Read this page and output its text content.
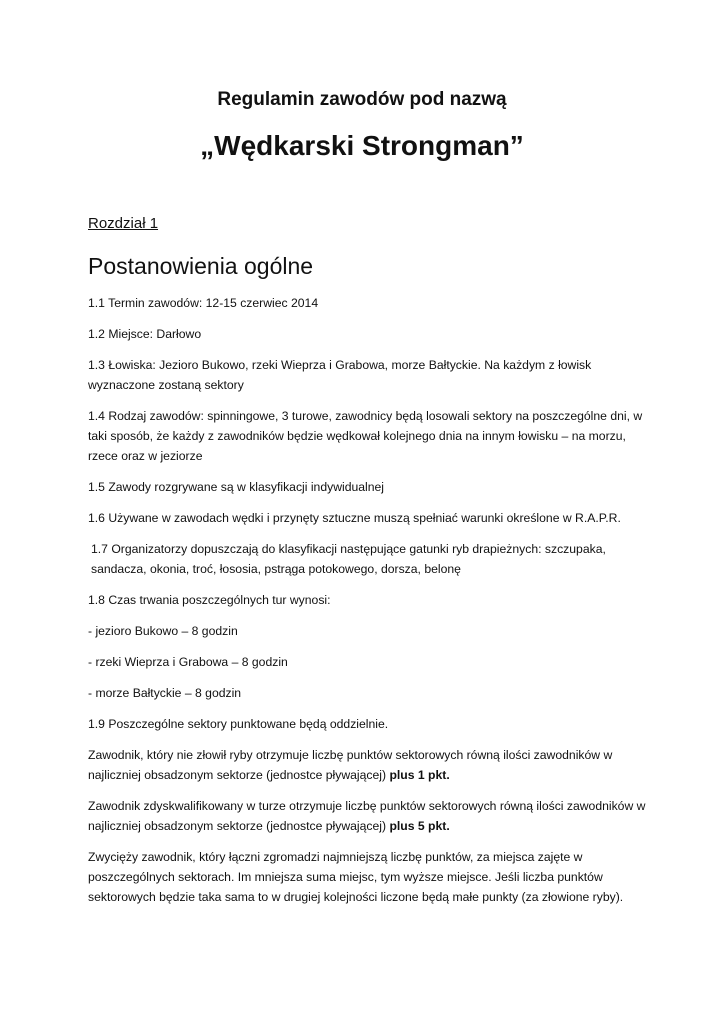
Regulamin zawodów pod nazwą
„Wędkarski Strongman”
Rozdział 1
Postanowienia ogólne

1.1 Termin zawodów: 12-15 czerwiec 2014

1.2 Miejsce: Darłowo

1.3 Łowiska: Jezioro Bukowo, rzeki Wieprza i Grabowa, morze Bałtyckie. Na każdym z łowisk wyznaczone zostaną sektory

1.4 Rodzaj zawodów: spinningowe, 3 turowe, zawodnicy będą losowali sektory na poszczególne dni, w taki sposób, że każdy z zawodników będzie wędkował kolejnego dnia na innym łowisku – na morzu, rzece oraz w jeziorze

1.5 Zawody rozgrywane są w klasyfikacji indywidualnej

1.6 Używane w zawodach wędki i przynęty sztuczne muszą spełniać warunki określone w R.A.P.R.

1.7 Organizatorzy dopuszczają do klasyfikacji następujące gatunki ryb drapieżnych: szczupaka, sandacza, okonia, troć, łososia, pstrąga potokowego, dorsza, belonę

1.8 Czas trwania poszczególnych tur wynosi:

- jezioro Bukowo – 8 godzin

- rzeki Wieprza i Grabowa – 8 godzin

- morze Bałtyckie – 8 godzin

1.9 Poszczególne sektory punktowane będą oddzielnie.

Zawodnik, który nie złowił ryby otrzymuje liczbę punktów sektorowych równą ilości zawodników w najliczniej obsadzonym sektorze (jednostce pływającej) plus 1 pkt.

Zawodnik zdyskwalifikowany w turze otrzymuje liczbę punktów sektorowych równą ilości zawodników w najliczniej obsadzonym sektorze (jednostce pływającej) plus 5 pkt.

Zwycięży zawodnik, który łączni zgromadzi najmniejszą liczbę punktów, za miejsca zajęte w poszczególnych sektorach. Im mniejsza suma miejsc, tym wyższe miejsce. Jeśli liczba punktów sektorowych będzie taka sama to w drugiej kolejności liczone będą małe punkty (za złowione ryby).
